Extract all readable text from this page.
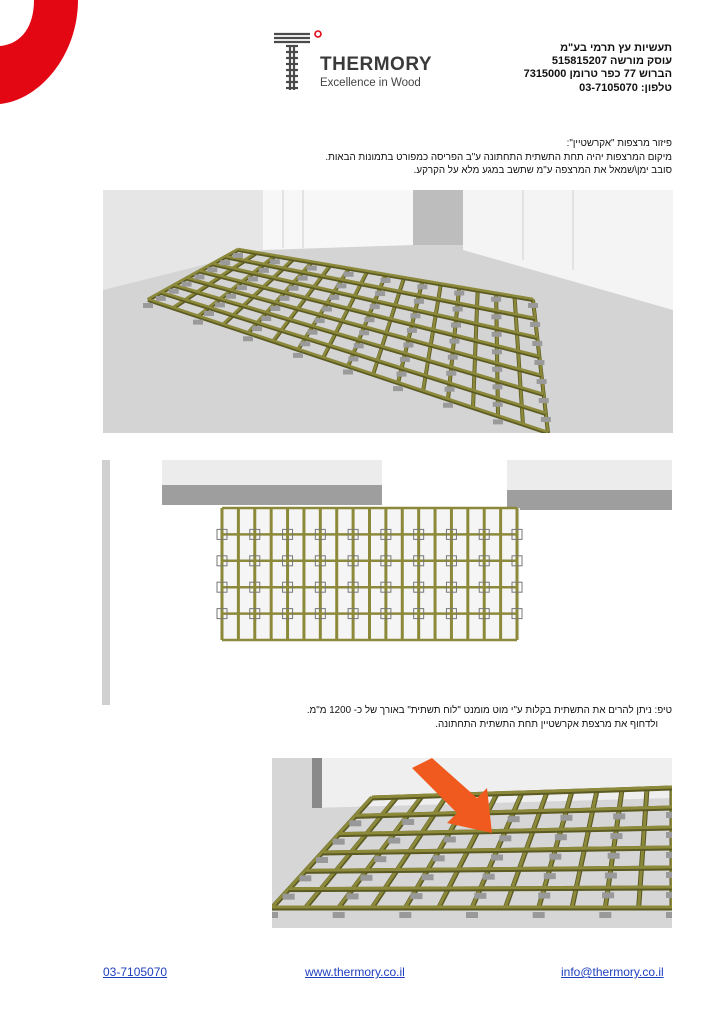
THERMORY
Excellence in Wood
תעשיות עץ תרמי בע"מ
עוסק מורשה 515815207
הברוש 77 כפר טרומן 7315000
טלפון: 03-7105070
פיזור מרצפות "אקרשטיין":
מיקום המרצפות יהיה תחת התשתית התחתונה ע"ב הפריסה כמפורט בתמונות הבאות.
סובב ימן\שמאל את המרצפה ע"מ שתשב במגע מלא על הקרקע.
טיפ: ניתן להרים את התשתית בקלות ע"י מוט מומנט "לוח תשתית" באורך של כ- 1200 מ"מ.
ולדחוף את מרצפת אקרשטיין תחת התשתית התחתונה.
03-7105070	www.thermory.co.il	info@thermory.co.il
